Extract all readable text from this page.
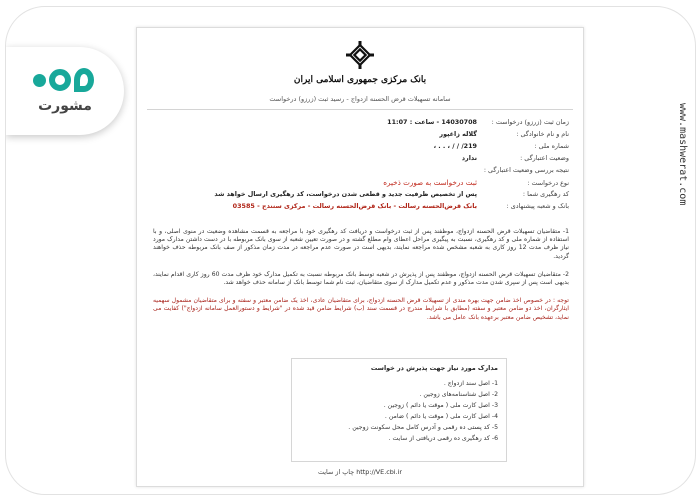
مشورت	www.mashwerat.com
بانک مرکزی جمهوری اسلامی ایران
سامانه تسهیلات قرض الحسنه ازدواج - رسید ثبت (زرزو) درخواست
زمان ثبت (زرزو) درخواست :
14030708 - ساعت : 11:07
نام و نام خانوادگی :
گلاله زاغپور
شماره ملی :
219/ / / ، . . ،
وضعیت اعتبارگی :
ندارد
نتیجه بررسی وضعیت اعتبارگی :
نوع درخواست :
ثبت درخواست به صورت ذخیره
کد رهگیری شما :
پس از تخصیص ظرفیت جدید و قطعی شدن درخواست، کد رهگیری ارسال خواهد شد
بانک و شعبه پیشنهادی :
بانک قرض‌الحسنه رسالت - بانک قرض‌الحسنه رسالت - مرکزی سنندج - 03585

1- متقاضیان تسهیلات قرض الحسنه ازدواج، موظفند پس از ثبت درخواست و دریافت کد رهگیری خود با مراجعه به قسمت مشاهده وضعیت در منوی اصلی، و با استفاده از شماره ملی و کد رهگیری، نسبت به پیگیری مراحل اعطای وام مطلع گشته و در صورت تعیین شعبه از سوی بانک مربوطه با در دست داشتن مدارک مورد نیاز ظرف مدت 12 روز کاری به شعبه مشخص شده مراجعه نمایند، بدیهی است در صورت عدم مراجعه در مدت زمان مذکور از صف بانک مربوطه حذف خواهند گردید.

2- متقاضیان تسهیلات قرض الحسنه ازدواج، موظفند پس از پذیرش در شعبه توسط بانک مربوطه نسبت به تکمیل مدارک خود ظرف مدت 60 روز کاری اقدام نمایند، بدیهی است پس از سپری شدن مدت مذکور و عدم تکمیل مدارک از سوی متقاضیان، ثبت نام شما توسط بانک از سامانه حذف خواهد شد.

توجه : در خصوص اخذ ضامن جهت بهره مندی از تسهیلات قرض الحسنه ازدواج، برای متقاضیان عادی، اخذ یک ضامن معتبر و سفته و برای متقاضیان مشمول سهمیه ایثارگران، اخذ دو ضامن معتبر و سفته (مطابق با شرایط مندرج در قسمت سند (ب) شرایط ضامن قید شده در "شرایط و دستورالعمل سامانه ازدواج") کفایت می نماید، تشخیص ضامن معتبر برعهده بانک عامل می باشد.

مدارک مورد نیاز جهت پذیرش در خواست
1- اصل سند ازدواج .
2- اصل شناسنامه‌های زوجین .
3- اصل کارت ملی ( موقت یا دائم ) زوجین .
4- اصل کارت ملی ( موقت یا دائم ) ضامن .
5- کد پستی ده رقمی و آدرس کامل محل سکونت زوجین .
6- کد رهگیری ده رقمی دریافتی از سایت .
http://VE.cbi.ir چاپ از سایت
